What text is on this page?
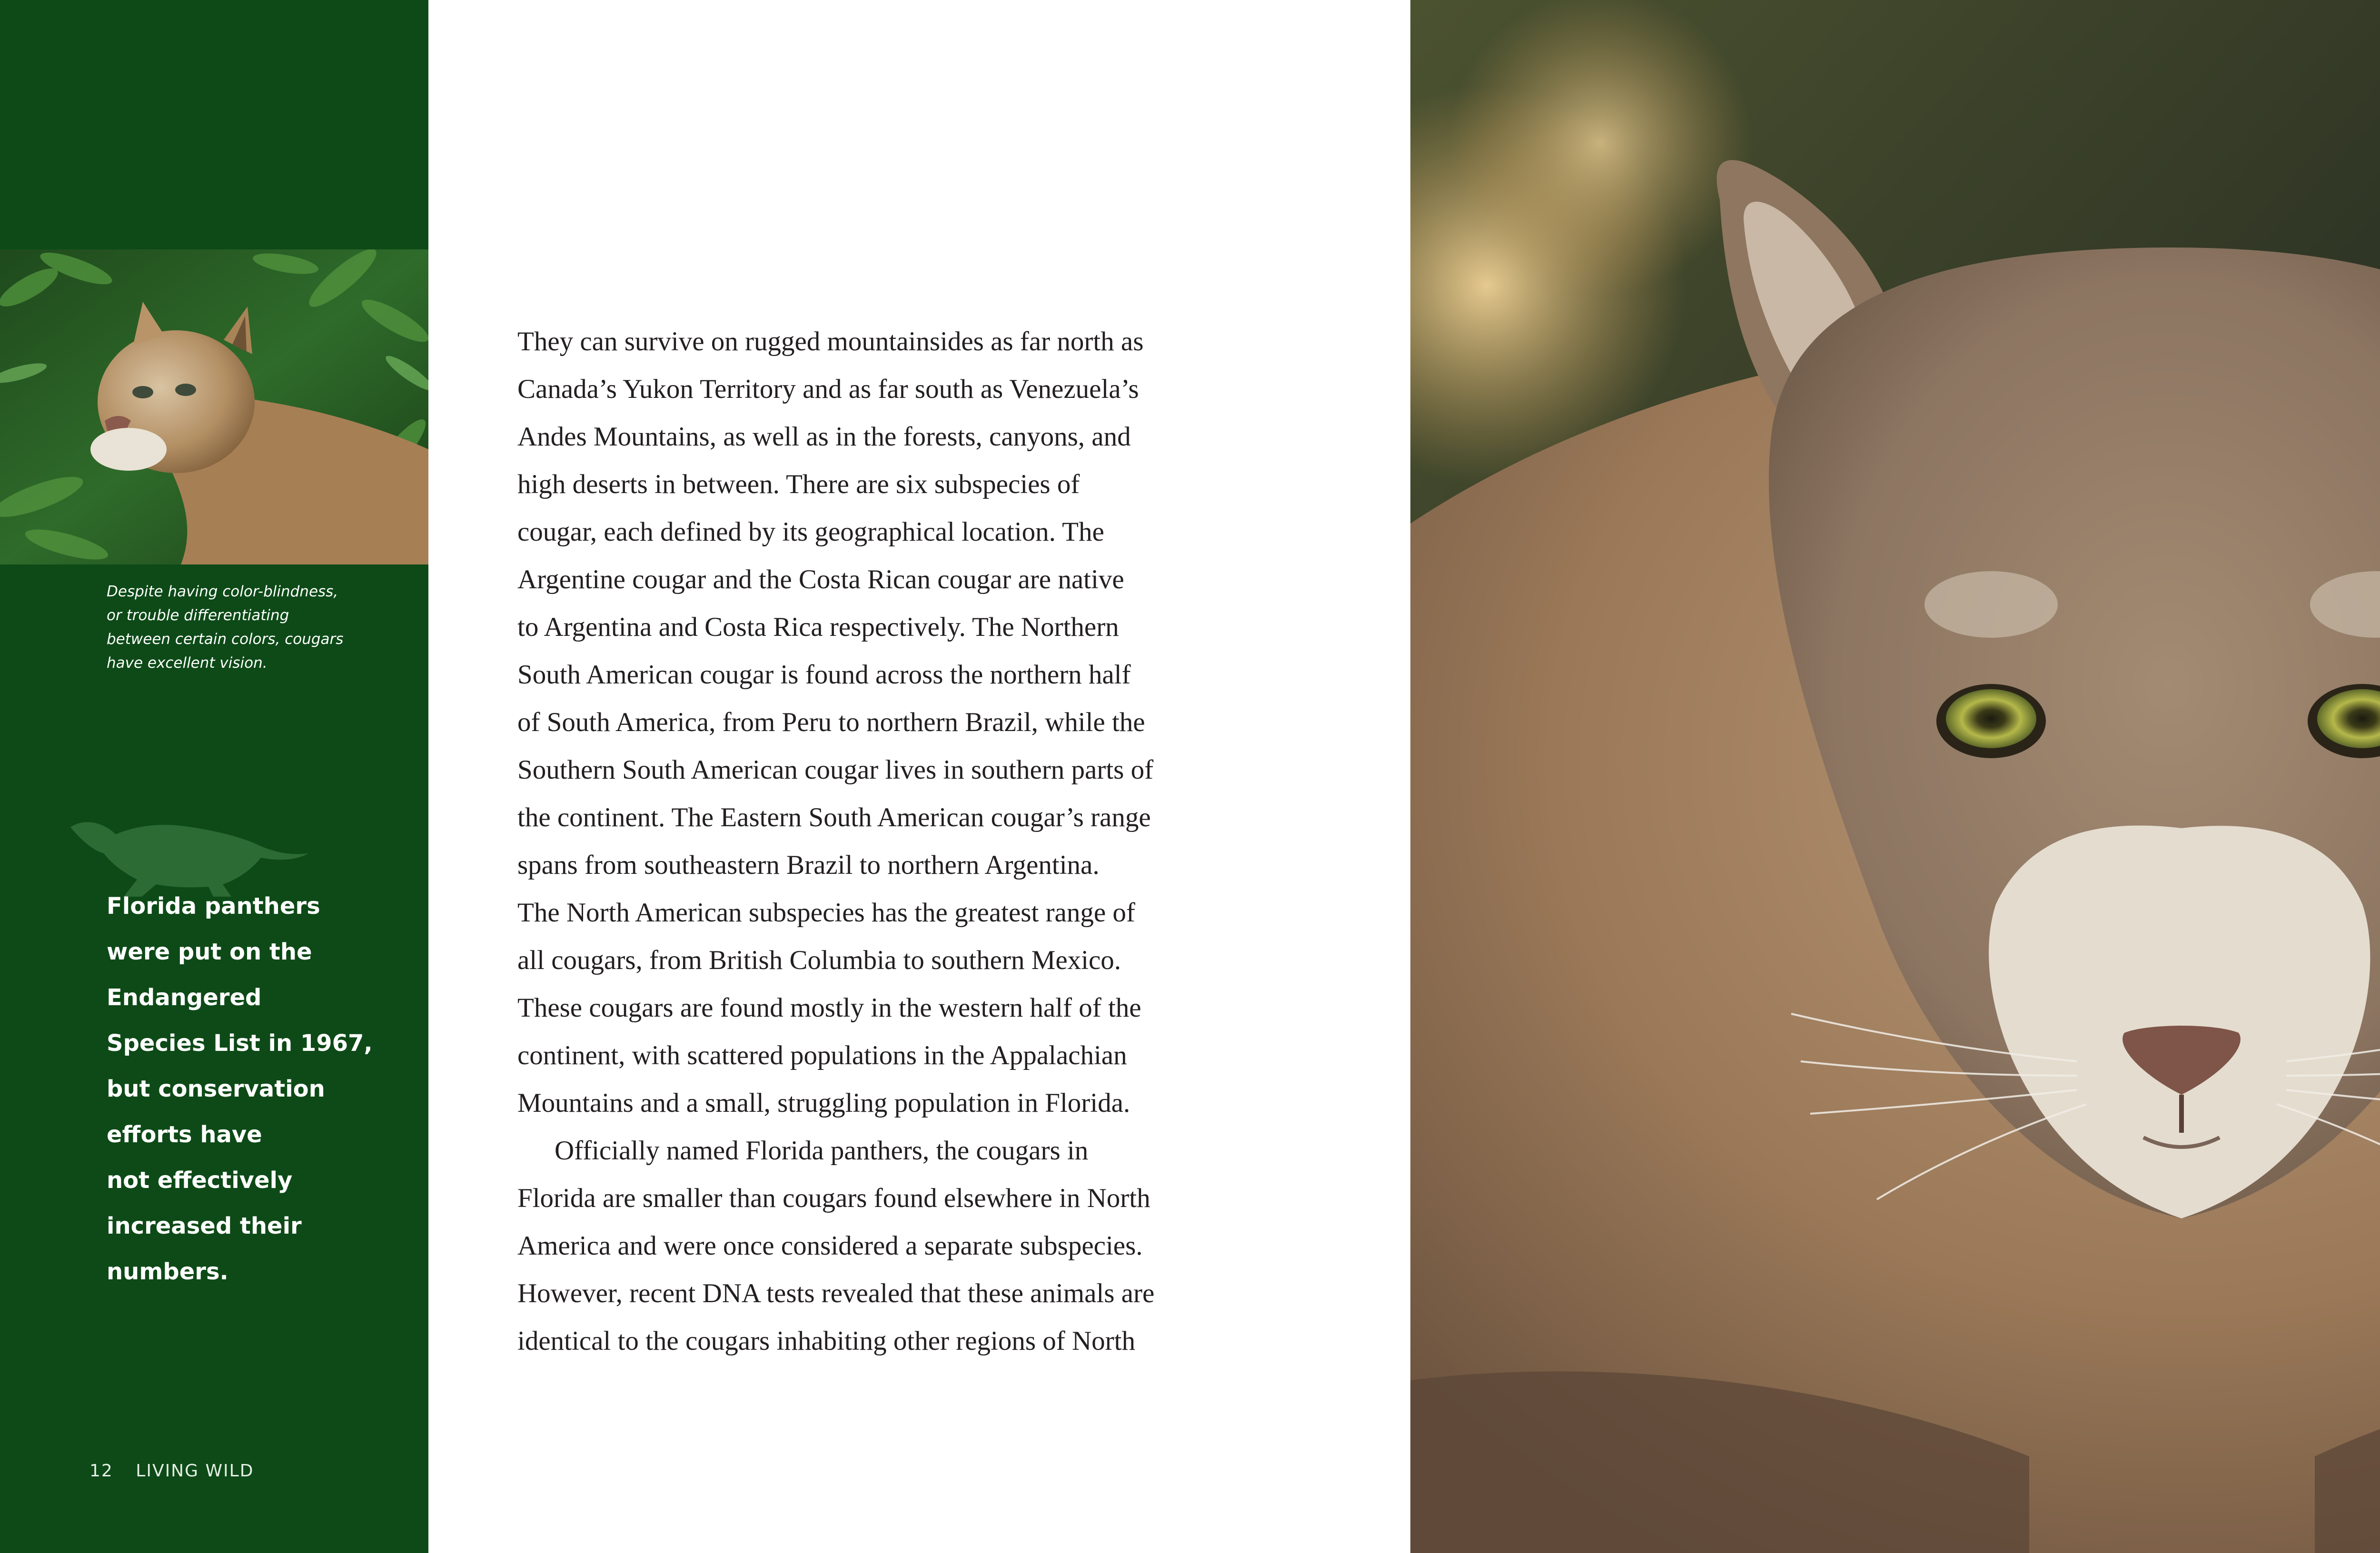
Despite having color-blindness,
or trouble differentiating
between certain colors, cougars
have excellent vision.

Florida panthers
were put on the
Endangered
Species List in 1967,
but conservation
efforts have
not effectively
increased their
numbers.

12 LIVING WILD
They can survive on rugged mountainsides as far north as
Canada’s Yukon Territory and as far south as Venezuela’s
Andes Mountains, as well as in the forests, canyons, and
high deserts in between. There are six subspecies of
cougar, each defined by its geographical location. The
Argentine cougar and the Costa Rican cougar are native
to Argentina and Costa Rica respectively. The Northern
South American cougar is found across the northern half
of South America, from Peru to northern Brazil, while the
Southern South American cougar lives in southern parts of
the continent. The Eastern South American cougar’s range
spans from southeastern Brazil to northern Argentina.
The North American subspecies has the greatest range of
all cougars, from British Columbia to southern Mexico.
These cougars are found mostly in the western half of the
continent, with scattered populations in the Appalachian
Mountains and a small, struggling population in Florida.
Officially named Florida panthers, the cougars in
Florida are smaller than cougars found elsewhere in North
America and were once considered a separate subspecies.
However, recent DNA tests revealed that these animals are
identical to the cougars inhabiting other regions of North
